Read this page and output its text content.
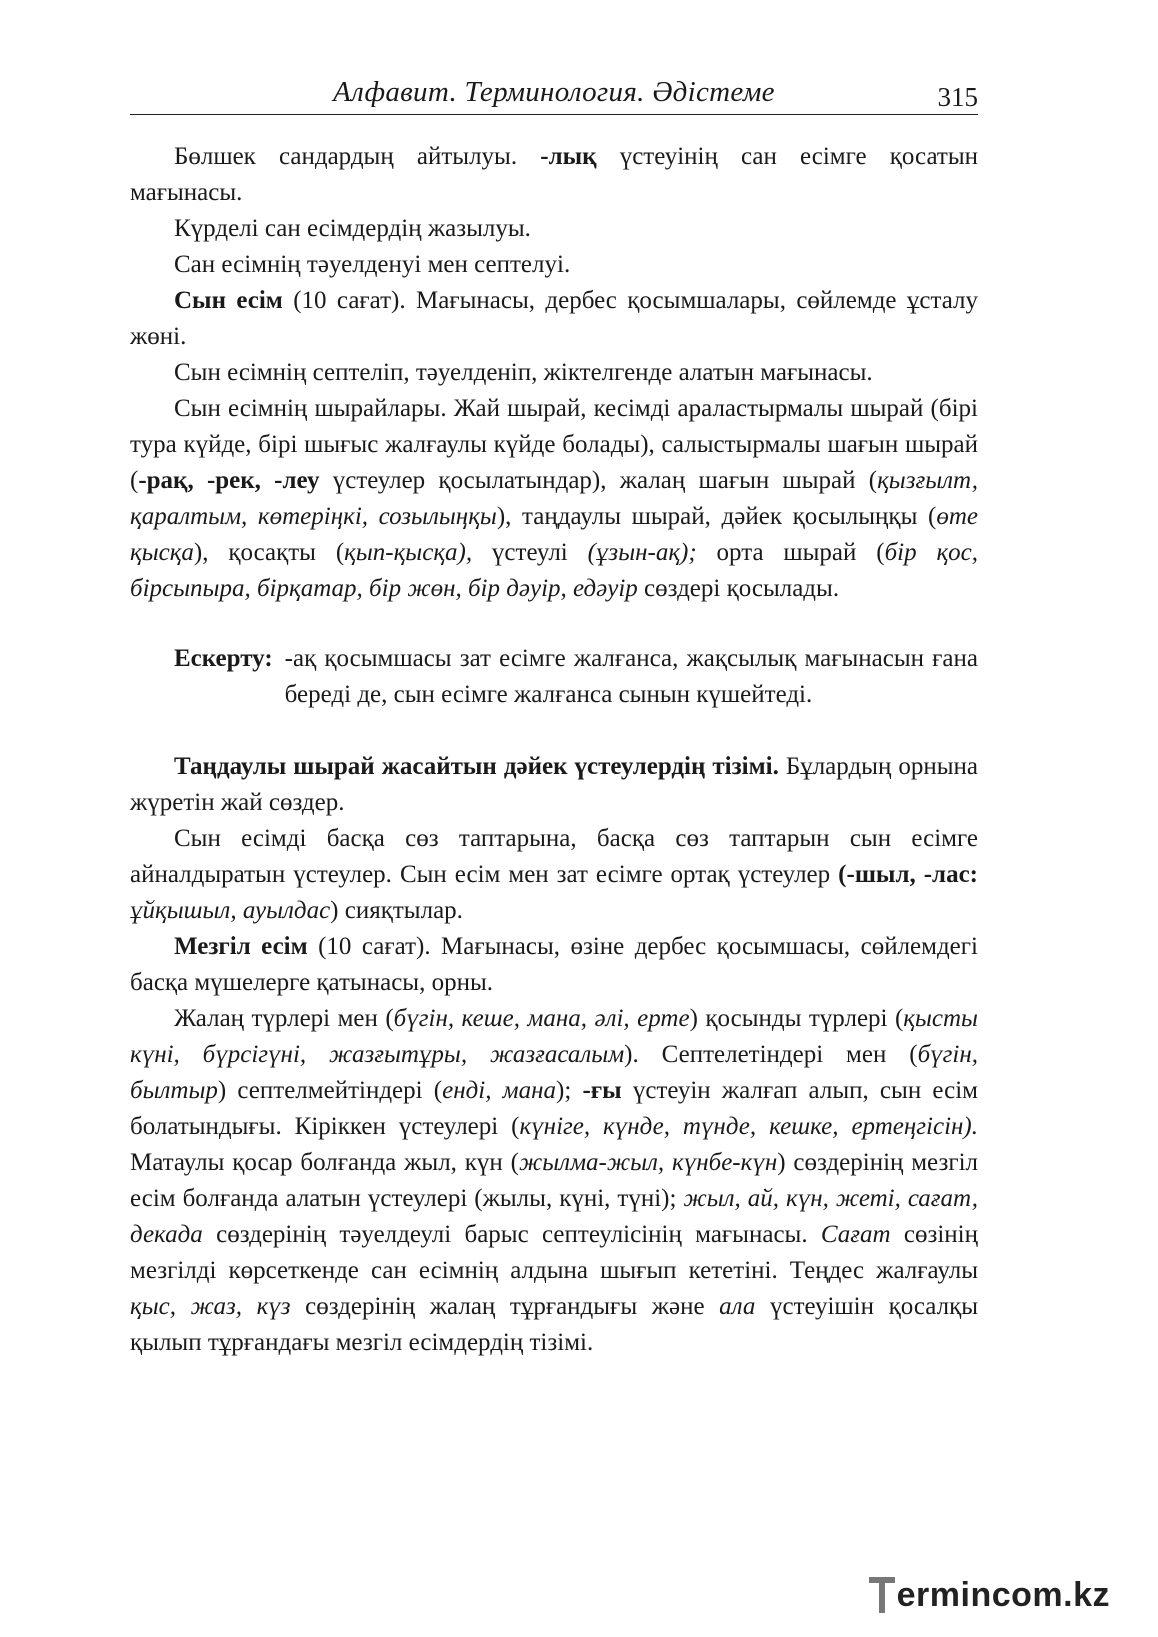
Алфавит. Терминология. Әдістеме	315

Бөлшек сандардың айтылуы. -лық үстеуінің сан есімге қосатын мағынасы.

Күрделі сан есімдердің жазылуы.

Сан есімнің тәуелденуі мен септелуі.

Сын есім (10 сағат). Мағынасы, дербес қосымшалары, сөйлемде ұсталу жөні.

Сын есімнің септеліп, тәуелденіп, жіктелгенде алатын мағынасы.

Сын есімнің шырайлары. Жай шырай, кесімді араластырмалы шырай (бірі тура күйде, бірі шығыс жалғаулы күйде болады), салыстырмалы шағын шырай (-рақ, -рек, -леу үстеулер қосылатындар), жалаң шағын шырай (қызғылт, қаралтым, көтеріңкі, созылыңқы), таңдаулы шырай, дәйек қосылыңқы (өте қысқа), қосақты (қып-қысқа), үстеулі (ұзын-ақ); орта шырай (бір қос, бірсыпыра, бірқатар, бір жөн, бір дәуір, едәуір сөздері қосылады.

Ескерту: -ақ қосымшасы зат есімге жалғанса, жақсылық мағынасын ғана береді де, сын есімге жалғанса сынын күшейтеді.

Таңдаулы шырай жасайтын дәйек үстеулердің тізімі. Бұлардың орнына жүретін жай сөздер.

Сын есімді басқа сөз таптарына, басқа сөз таптарын сын есімге айналдыратын үстеулер. Сын есім мен зат есімге ортақ үстеулер (-шыл, -лас: ұйқышыл, ауылдас) сияқтылар.

Мезгіл есім (10 сағат). Мағынасы, өзіне дербес қосымшасы, сөйлемдегі басқа мүшелерге қатынасы, орны.

Жалаң түрлері мен (бүгін, кеше, мана, әлі, ерте) қосынды түрлері (қысты күні, бүрсігүні, жазғытұры, жазғасалым). Септелетіндері мен (бүгін, былтыр) септелмейтіндері (енді, мана); -ғы үстеуін жалғап алып, сын есім болатындығы. Кіріккен үстеулері (күніге, күнде, түнде, кешке, ертеңгісін). Матаулы қосар болғанда жыл, күн (жылма-жыл, күнбе-күн) сөздерінің мезгіл есім болғанда алатын үстеулері (жылы, күні, түні); жыл, ай, күн, жеті, сағат, декада сөздерінің тәуелдеулі барыс септеулісінің мағынасы. Сағат сөзінің мезгілді көрсеткенде сан есімнің алдына шығып кететіні. Теңдес жалғаулы қыс, жаз, күз сөздерінің жалаң тұрғандығы және ала үстеуішін қосалқы қылып тұрғандағы мезгіл есімдердің тізімі.

ermincom.kz
